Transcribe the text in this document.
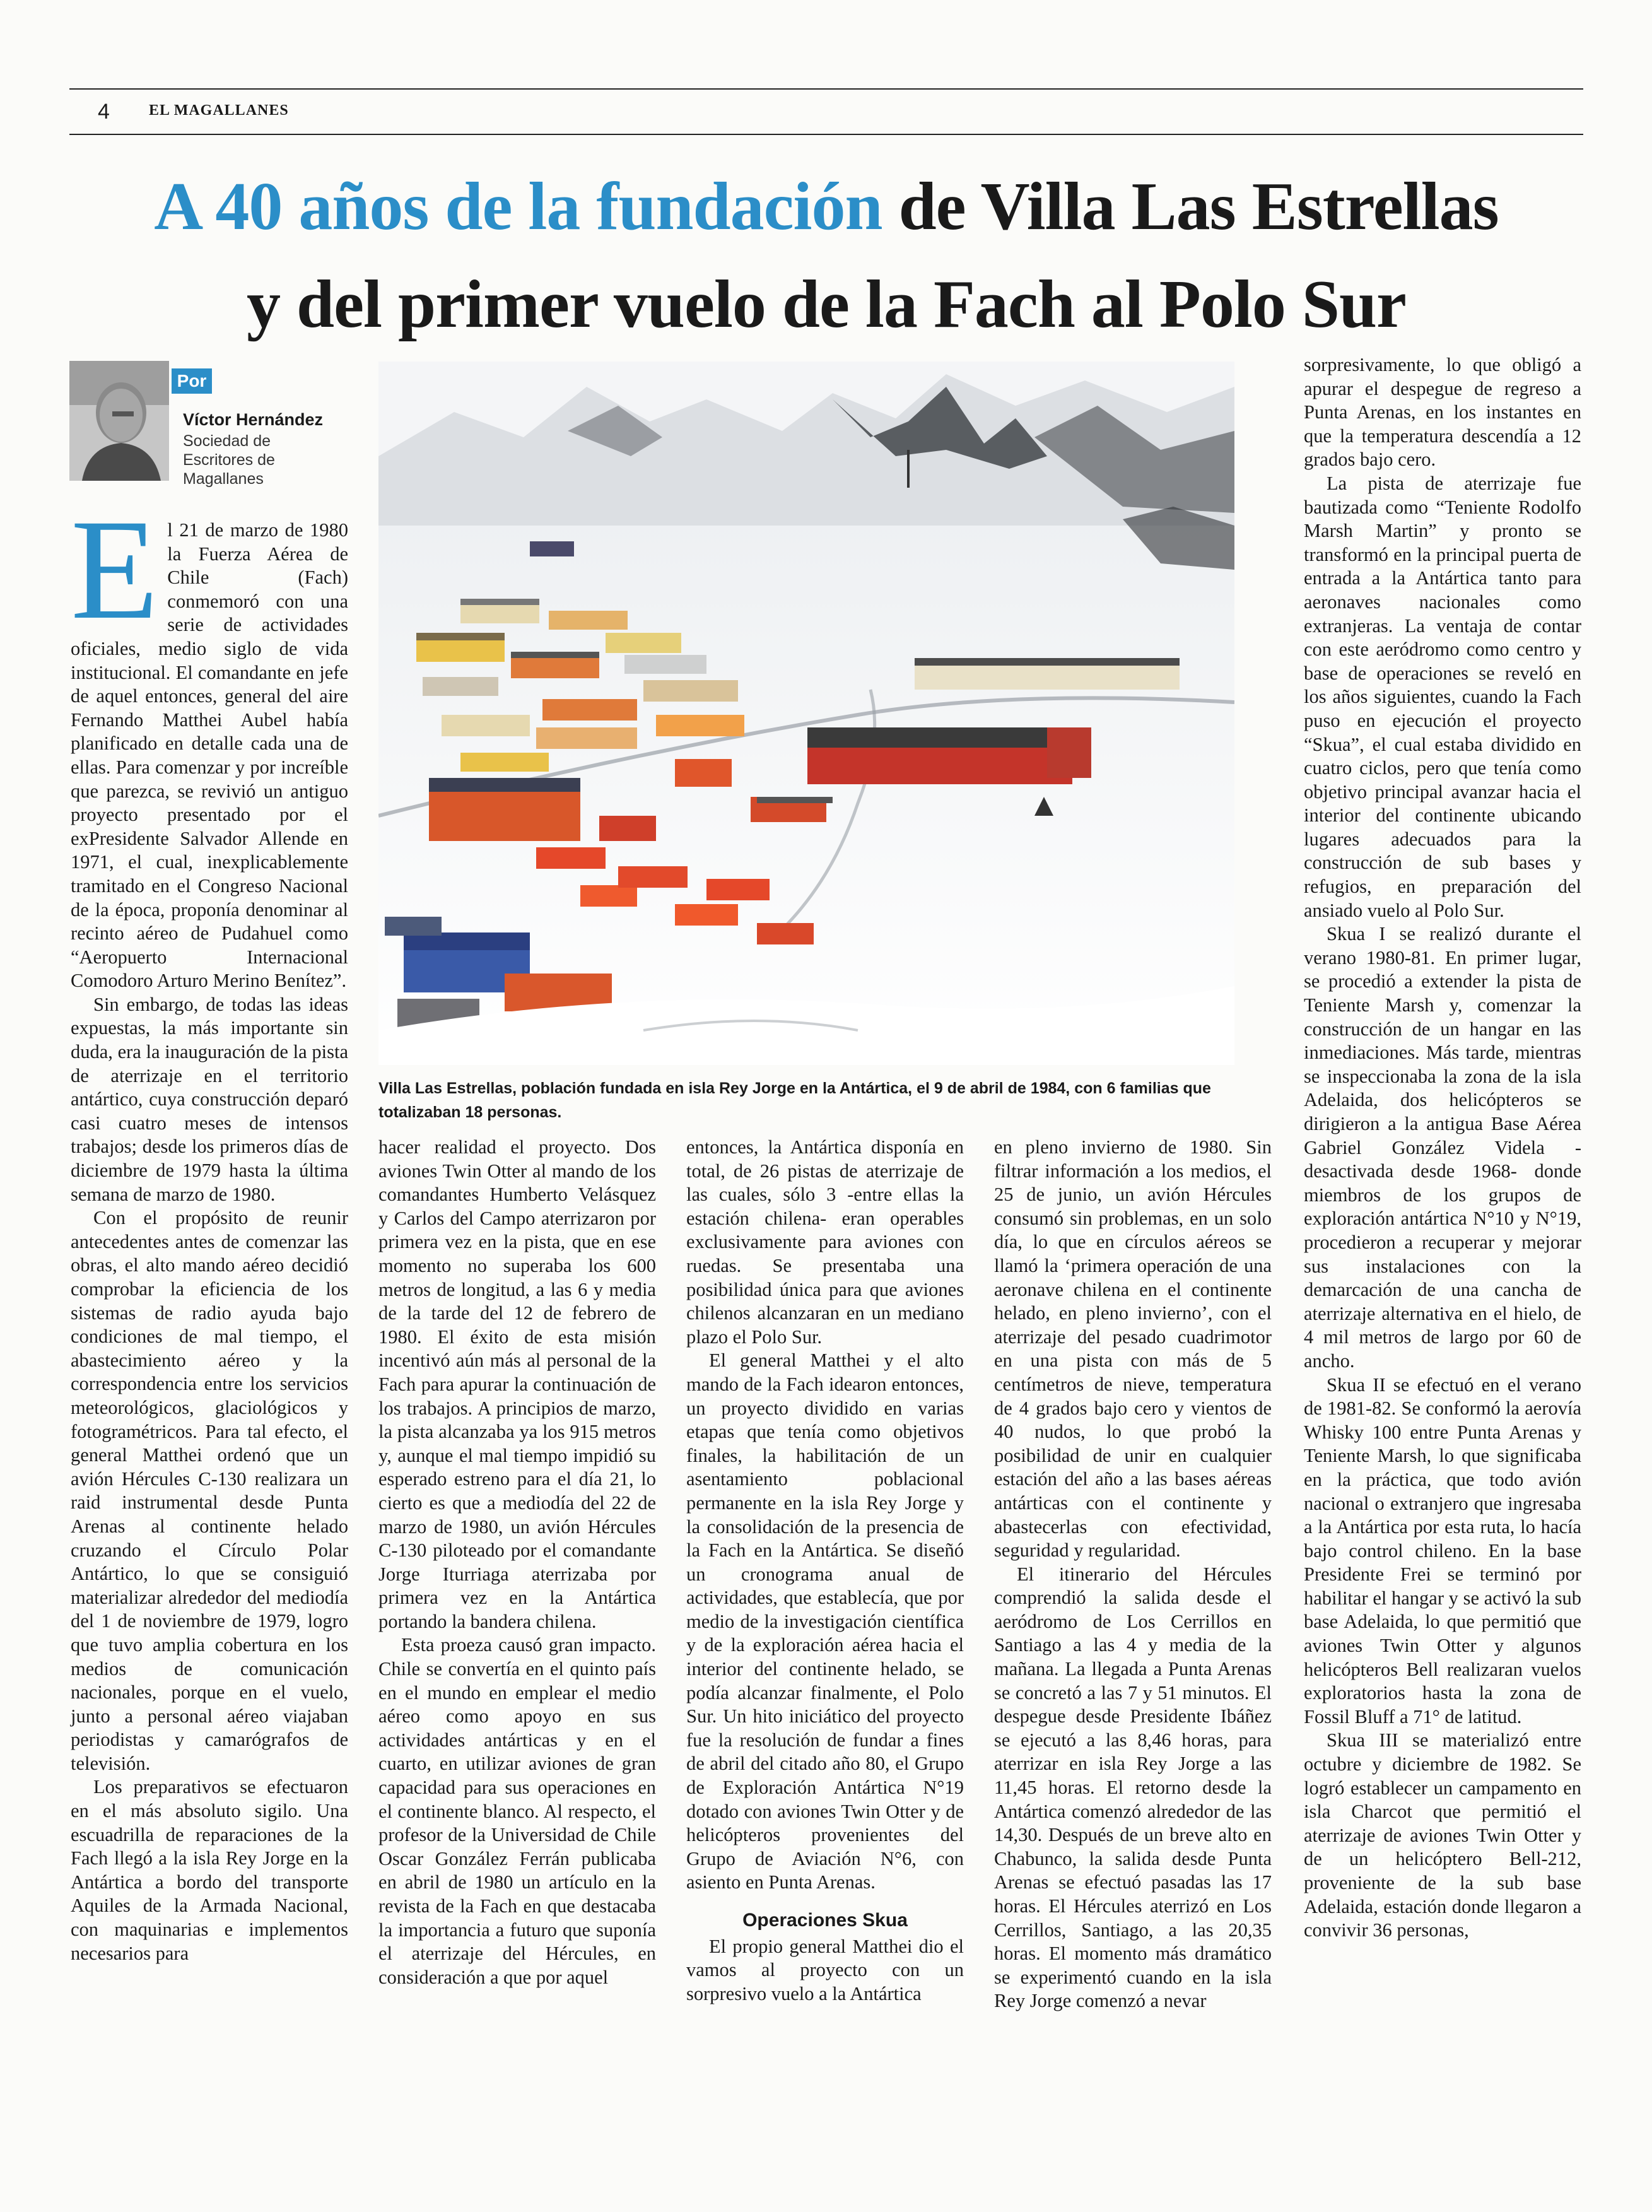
4	EL MAGALLANES
A 40 años de la fundación de Villa Las Estrellas
y del primer vuelo de la Fach al Polo Sur
Por
Víctor Hernández
Sociedad de Escritores de Magallanes
Villa Las Estrellas, población fundada en isla Rey Jorge en la Antártica, el 9 de abril de 1984, con 6 familias que totalizaban 18 personas.

El 21 de marzo de 1980 la Fuerza Aérea de Chile (Fach) conmemoró con una serie de actividades oficiales, medio siglo de vida institucional. El comandante en jefe de aquel entonces, general del aire Fernando Matthei Aubel había planificado en detalle cada una de ellas. Para comenzar y por increíble que parezca, se revivió un antiguo proyecto presentado por el exPresidente Salvador Allende en 1971, el cual, inexplicablemente tramitado en el Congreso Nacional de la época, proponía denominar al recinto aéreo de Pudahuel como “Aeropuerto Internacional Comodoro Arturo Merino Benítez”.

Sin embargo, de todas las ideas expuestas, la más importante sin duda, era la inauguración de la pista de aterrizaje en el territorio antártico, cuya construcción deparó casi cuatro meses de intensos trabajos; desde los primeros días de diciembre de 1979 hasta la última semana de marzo de 1980.

Con el propósito de reunir antecedentes antes de comenzar las obras, el alto mando aéreo decidió comprobar la eficiencia de los sistemas de radio ayuda bajo condiciones de mal tiempo, el abastecimiento aéreo y la correspondencia entre los servicios meteorológicos, glaciológicos y fotogramétricos. Para tal efecto, el general Matthei ordenó que un avión Hércules C-130 realizara un raid instrumental desde Punta Arenas al continente helado cruzando el Círculo Polar Antártico, lo que se consiguió materializar alrededor del mediodía del 1 de noviembre de 1979, logro que tuvo amplia cobertura en los medios de comunicación nacionales, porque en el vuelo, junto a personal aéreo viajaban periodistas y camarógrafos de televisión.

Los preparativos se efectuaron en el más absoluto sigilo. Una escuadrilla de reparaciones de la Fach llegó a la isla Rey Jorge en la Antártica a bordo del transporte Aquiles de la Armada Nacional, con maquinarias e implementos necesarios para

hacer realidad el proyecto. Dos aviones Twin Otter al mando de los comandantes Humberto Velásquez y Carlos del Campo aterrizaron por primera vez en la pista, que en ese momento no superaba los 600 metros de longitud, a las 6 y media de la tarde del 12 de febrero de 1980. El éxito de esta misión incentivó aún más al personal de la Fach para apurar la continuación de los trabajos. A principios de marzo, la pista alcanzaba ya los 915 metros y, aunque el mal tiempo impidió su esperado estreno para el día 21, lo cierto es que a mediodía del 22 de marzo de 1980, un avión Hércules C-130 piloteado por el comandante Jorge Iturriaga aterrizaba por primera vez en la Antártica portando la bandera chilena.

Esta proeza causó gran impacto. Chile se convertía en el quinto país en el mundo en emplear el medio aéreo como apoyo en sus actividades antárticas y en el cuarto, en utilizar aviones de gran capacidad para sus operaciones en el continente blanco. Al respecto, el profesor de la Universidad de Chile Oscar González Ferrán publicaba en abril de 1980 un artículo en la revista de la Fach en que destacaba la importancia a futuro que suponía el aterrizaje del Hércules, en consideración a que por aquel

entonces, la Antártica disponía en total, de 26 pistas de aterrizaje de las cuales, sólo 3 -entre ellas la estación chilena- eran operables exclusivamente para aviones con ruedas. Se presentaba una posibilidad única para que aviones chilenos alcanzaran en un mediano plazo el Polo Sur.

El general Matthei y el alto mando de la Fach idearon entonces, un proyecto dividido en varias etapas que tenía como objetivos finales, la habilitación de un asentamiento poblacional permanente en la isla Rey Jorge y la consolidación de la presencia de la Fach en la Antártica. Se diseñó un cronograma anual de actividades, que establecía, que por medio de la investigación científica y de la exploración aérea hacia el interior del continente helado, se podía alcanzar finalmente, el Polo Sur. Un hito iniciático del proyecto fue la resolución de fundar a fines de abril del citado año 80, el Grupo de Exploración Antártica N°19 dotado con aviones Twin Otter y de helicópteros provenientes del Grupo de Aviación N°6, con asiento en Punta Arenas.

Operaciones Skua

El propio general Matthei dio el vamos al proyecto con un sorpresivo vuelo a la Antártica

en pleno invierno de 1980. Sin filtrar información a los medios, el 25 de junio, un avión Hércules consumó sin problemas, en un solo día, lo que en círculos aéreos se llamó la ‘primera operación de una aeronave chilena en el continente helado, en pleno invierno’, con el aterrizaje del pesado cuadrimotor en una pista con más de 5 centímetros de nieve, temperatura de 4 grados bajo cero y vientos de 40 nudos, lo que probó la posibilidad de unir en cualquier estación del año a las bases aéreas antárticas con el continente y abastecerlas con efectividad, seguridad y regularidad.

El itinerario del Hércules comprendió la salida desde el aeródromo de Los Cerrillos en Santiago a las 4 y media de la mañana. La llegada a Punta Arenas se concretó a las 7 y 51 minutos. El despegue desde Presidente Ibáñez se ejecutó a las 8,46 horas, para aterrizar en isla Rey Jorge a las 11,45 horas. El retorno desde la Antártica comenzó alrededor de las 14,30. Después de un breve alto en Chabunco, la salida desde Punta Arenas se efectuó pasadas las 17 horas. El Hércules aterrizó en Los Cerrillos, Santiago, a las 20,35 horas. El momento más dramático se experimentó cuando en la isla Rey Jorge comenzó a nevar

sorpresivamente, lo que obligó a apurar el despegue de regreso a Punta Arenas, en los instantes en que la temperatura descendía a 12 grados bajo cero.

La pista de aterrizaje fue bautizada como “Teniente Rodolfo Marsh Martin” y pronto se transformó en la principal puerta de entrada a la Antártica tanto para aeronaves nacionales como extranjeras. La ventaja de contar con este aeródromo como centro y base de operaciones se reveló en los años siguientes, cuando la Fach puso en ejecución el proyecto “Skua”, el cual estaba dividido en cuatro ciclos, pero que tenía como objetivo principal avanzar hacia el interior del continente ubicando lugares adecuados para la construcción de sub bases y refugios, en preparación del ansiado vuelo al Polo Sur.

Skua I se realizó durante el verano 1980-81. En primer lugar, se procedió a extender la pista de Teniente Marsh y, comenzar la construcción de un hangar en las inmediaciones. Más tarde, mientras se inspeccionaba la zona de la isla Adelaida, dos helicópteros se dirigieron a la antigua Base Aérea Gabriel González Videla -desactivada desde 1968- donde miembros de los grupos de exploración antártica N°10 y N°19, procedieron a recuperar y mejorar sus instalaciones con la demarcación de una cancha de aterrizaje alternativa en el hielo, de 4 mil metros de largo por 60 de ancho.

Skua II se efectuó en el verano de 1981-82. Se conformó la aerovía Whisky 100 entre Punta Arenas y Teniente Marsh, lo que significaba en la práctica, que todo avión nacional o extranjero que ingresaba a la Antártica por esta ruta, lo hacía bajo control chileno. En la base Presidente Frei se terminó por habilitar el hangar y se activó la sub base Adelaida, lo que permitió que aviones Twin Otter y algunos helicópteros Bell realizaran vuelos exploratorios hasta la zona de Fossil Bluff a 71° de latitud.

Skua III se materializó entre octubre y diciembre de 1982. Se logró establecer un campamento en isla Charcot que permitió el aterrizaje de aviones Twin Otter y de un helicóptero Bell-212, proveniente de la sub base Adelaida, estación donde llegaron a convivir 36 personas,
